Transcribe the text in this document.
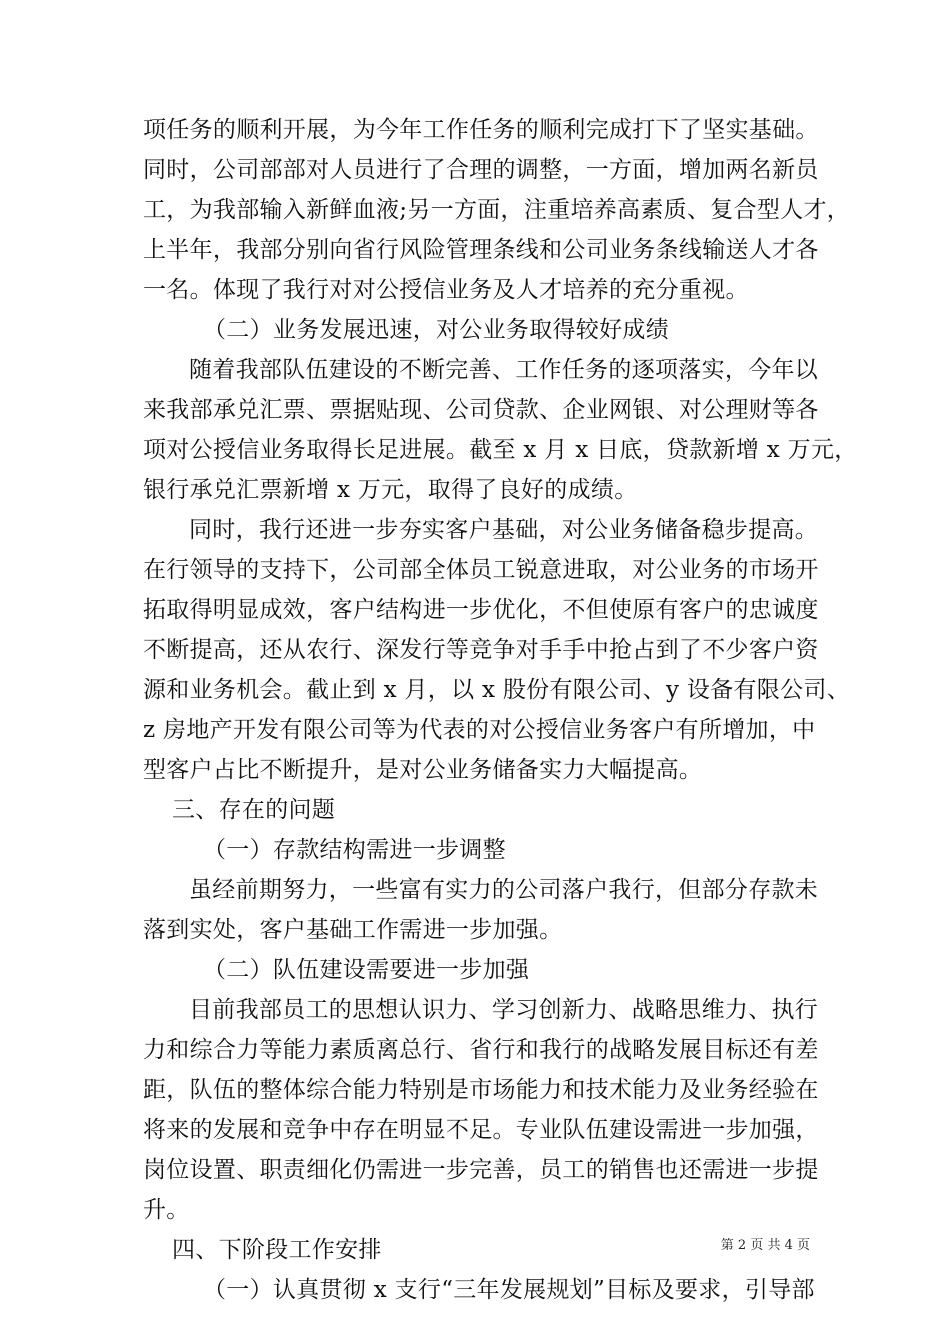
项任务的顺利开展，为今年工作任务的顺利完成打下了坚实基础。
同时，公司部部对人员进行了合理的调整，一方面，增加两名新员
工，为我部输入新鲜血液;另一方面，注重培养高素质、复合型人才，
上半年，我部分别向省行风险管理条线和公司业务条线输送人才各
一名。体现了我行对对公授信业务及人才培养的充分重视。
（二）业务发展迅速，对公业务取得较好成绩
随着我部队伍建设的不断完善、工作任务的逐项落实，今年以
来我部承兑汇票、票据贴现、公司贷款、企业网银、对公理财等各
项对公授信业务取得长足进展。截至 x 月 x 日底，贷款新增 x 万元，
银行承兑汇票新增 x 万元，取得了良好的成绩。
同时，我行还进一步夯实客户基础，对公业务储备稳步提高。
在行领导的支持下，公司部全体员工锐意进取，对公业务的市场开
拓取得明显成效，客户结构进一步优化，不但使原有客户的忠诚度
不断提高，还从农行、深发行等竞争对手手中抢占到了不少客户资
源和业务机会。截止到 x 月，以 x 股份有限公司、y 设备有限公司、
z 房地产开发有限公司等为代表的对公授信业务客户有所增加，中
型客户占比不断提升，是对公业务储备实力大幅提高。
三、存在的问题
（一）存款结构需进一步调整
虽经前期努力，一些富有实力的公司落户我行，但部分存款未
落到实处，客户基础工作需进一步加强。
（二）队伍建设需要进一步加强
目前我部员工的思想认识力、学习创新力、战略思维力、执行
力和综合力等能力素质离总行、省行和我行的战略发展目标还有差
距，队伍的整体综合能力特别是市场能力和技术能力及业务经验在
将来的发展和竞争中存在明显不足。专业队伍建设需进一步加强，
岗位设置、职责细化仍需进一步完善，员工的销售也还需进一步提
升。
四、下阶段工作安排
（一）认真贯彻 x 支行“三年发展规划”目标及要求，引导部
第 2 页 共 4 页
